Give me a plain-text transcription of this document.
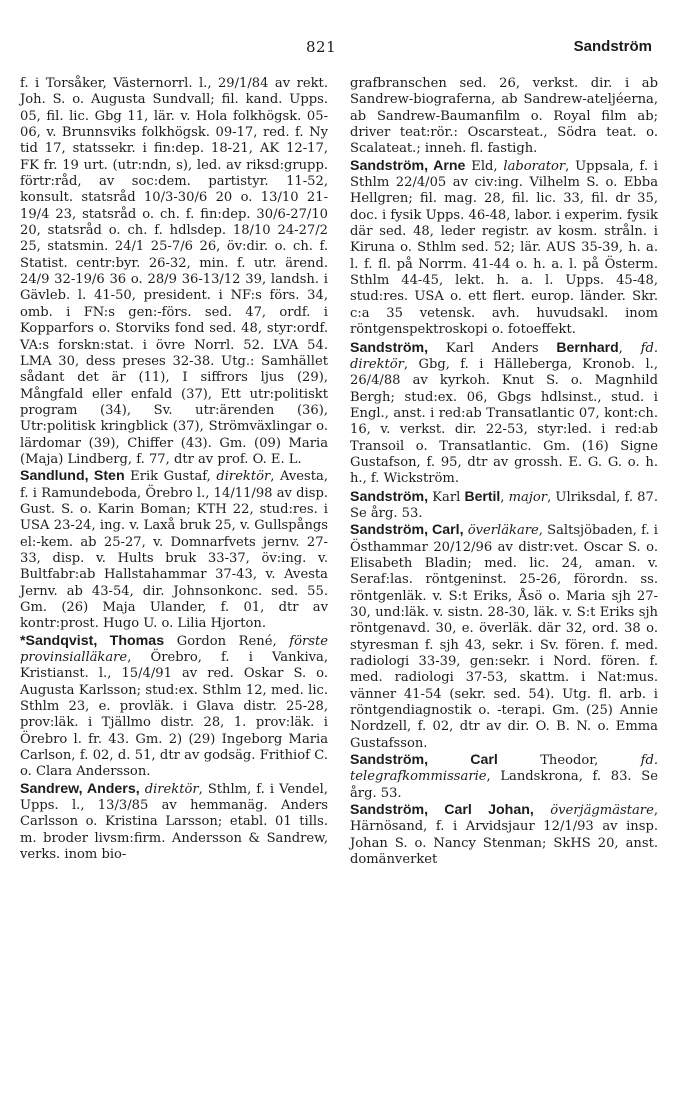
821	Sandström

f. i Torsåker, Västernorrl. l., 29/1/84 av rekt. Joh. S. o. Augusta Sundvall; fil. kand. Upps. 05, fil. lic. Gbg 11, lär. v. Hola folkhögsk. 05-06, v. Brunnsviks folkhögsk. 09-17, red. f. Ny tid 17, statssekr. i fin:dep. 18-21, AK 12-17, FK fr. 19 urt. (utr:ndn, s), led. av riksd:grupp. förtr:råd, av soc:dem. partistyr. 11-52, konsult. statsråd 10/3-30/6 20 o. 13/10 21-19/4 23, statsråd o. ch. f. fin:dep. 30/6-27/10 20, statsråd o. ch. f. hdlsdep. 18/10 24-27/2 25, statsmin. 24/1 25-7/6 26, öv:dir. o. ch. f. Statist. centr:byr. 26-32, min. f. utr. ärend. 24/9 32-19/6 36 o. 28/9 36-13/12 39, landsh. i Gävleb. l. 41-50, president. i NF:s förs. 34, omb. i FN:s gen:-förs. sed. 47, ordf. i Kopparfors o. Storviks fond sed. 48, styr:ordf. VA:s forskn:stat. i övre Norrl. 52. LVA 54. LMA 30, dess preses 32-38. Utg.: Samhället sådant det är (11), I siffrors ljus (29), Mångfald eller enfald (37), Ett utr:politiskt program (34), Sv. utr:ärenden (36), Utr:politisk kringblick (37), Strömväxlingar o. lärdomar (39), Chiffer (43). Gm. (09) Maria (Maja) Lindberg, f. 77, dtr av prof. O. E. L.

Sandlund, Sten Erik Gustaf, direktör, Avesta, f. i Ramundeboda, Örebro l., 14/11/98 av disp. Gust. S. o. Karin Boman; KTH 22, stud:res. i USA 23-24, ing. v. Laxå bruk 25, v. Gullspångs el:-kem. ab 25-27, v. Domnarfvets jernv. 27-33, disp. v. Hults bruk 33-37, öv:ing. v. Bultfabr:ab Hallstahammar 37-43, v. Avesta Jernv. ab 43-54, dir. Johnsonkonc. sed. 55. Gm. (26) Maja Ulander, f. 01, dtr av kontr:prost. Hugo U. o. Lilia Hjorton.

*Sandqvist, Thomas Gordon René, förste provinsialläkare, Örebro, f. i Vankiva, Kristianst. l., 15/4/91 av red. Oskar S. o. Augusta Karlsson; stud:ex. Sthlm 12, med. lic. Sthlm 23, e. provläk. i Glava distr. 25-28, prov:läk. i Tjällmo distr. 28, 1. prov:läk. i Örebro l. fr. 43. Gm. 2) (29) Ingeborg Maria Carlson, f. 02, d. 51, dtr av godsäg. Frithiof C. o. Clara Andersson.

Sandrew, Anders, direktör, Sthlm, f. i Vendel, Upps. l., 13/3/85 av hemmanäg. Anders Carlsson o. Kristina Larsson; etabl. 01 tills. m. broder livsm:firm. Andersson & Sandrew, verks. inom bio-

grafbranschen sed. 26, verkst. dir. i ab Sandrew-biograferna, ab Sandrew-ateljéerna, ab Sandrew-Baumanfilm o. Royal film ab; driver teat:rör.: Oscarsteat., Södra teat. o. Scalateat.; inneh. fl. fastigh.

Sandström, Arne Eld, laborator, Uppsala, f. i Sthlm 22/4/05 av civ:ing. Vilhelm S. o. Ebba Hellgren; fil. mag. 28, fil. lic. 33, fil. dr 35, doc. i fysik Upps. 46-48, labor. i experim. fysik där sed. 48, leder registr. av kosm. stråln. i Kiruna o. Sthlm sed. 52; lär. AUS 35-39, h. a. l. f. fl. på Norrm. 41-44 o. h. a. l. på Österm. Sthlm 44-45, lekt. h. a. l. Upps. 45-48, stud:res. USA o. ett flert. europ. länder. Skr. c:a 35 vetensk. avh. huvudsakl. inom röntgenspektroskopi o. fotoeffekt.

Sandström, Karl Anders Bernhard, fd. direktör, Gbg, f. i Hälleberga, Kronob. l., 26/4/88 av kyrkoh. Knut S. o. Magnhild Bergh; stud:ex. 06, Gbgs hdlsinst., stud. i Engl., anst. i red:ab Transatlantic 07, kont:ch. 16, v. verkst. dir. 22-53, styr:led. i red:ab Transoil o. Transatlantic. Gm. (16) Signe Gustafson, f. 95, dtr av grossh. E. G. G. o. h. h., f. Wickström.

Sandström, Karl Bertil, major, Ulriksdal, f. 87. Se årg. 53.

Sandström, Carl, överläkare, Saltsjöbaden, f. i Östhammar 20/12/96 av distr:vet. Oscar S. o. Elisabeth Bladin; med. lic. 24, aman. v. Seraf:las. röntgeninst. 25-26, förordn. ss. röntgenläk. v. S:t Eriks, Åsö o. Maria sjh 27-30, und:läk. v. sistn. 28-30, läk. v. S:t Eriks sjh röntgenavd. 30, e. överläk. där 32, ord. 38 o. styresman f. sjh 43, sekr. i Sv. fören. f. med. radiologi 33-39, gen:sekr. i Nord. fören. f. med. radiologi 37-53, skattm. i Nat:mus. vänner 41-54 (sekr. sed. 54). Utg. fl. arb. i röntgendiagnostik o. -terapi. Gm. (25) Annie Nordzell, f. 02, dtr av dir. O. B. N. o. Emma Gustafsson.

Sandström, Carl Theodor, fd. telegrafkommissarie, Landskrona, f. 83. Se årg. 53.

Sandström, Carl Johan, överjägmästare, Härnösand, f. i Arvidsjaur 12/1/93 av insp. Johan S. o. Nancy Stenman; SkHS 20, anst. domänverket
